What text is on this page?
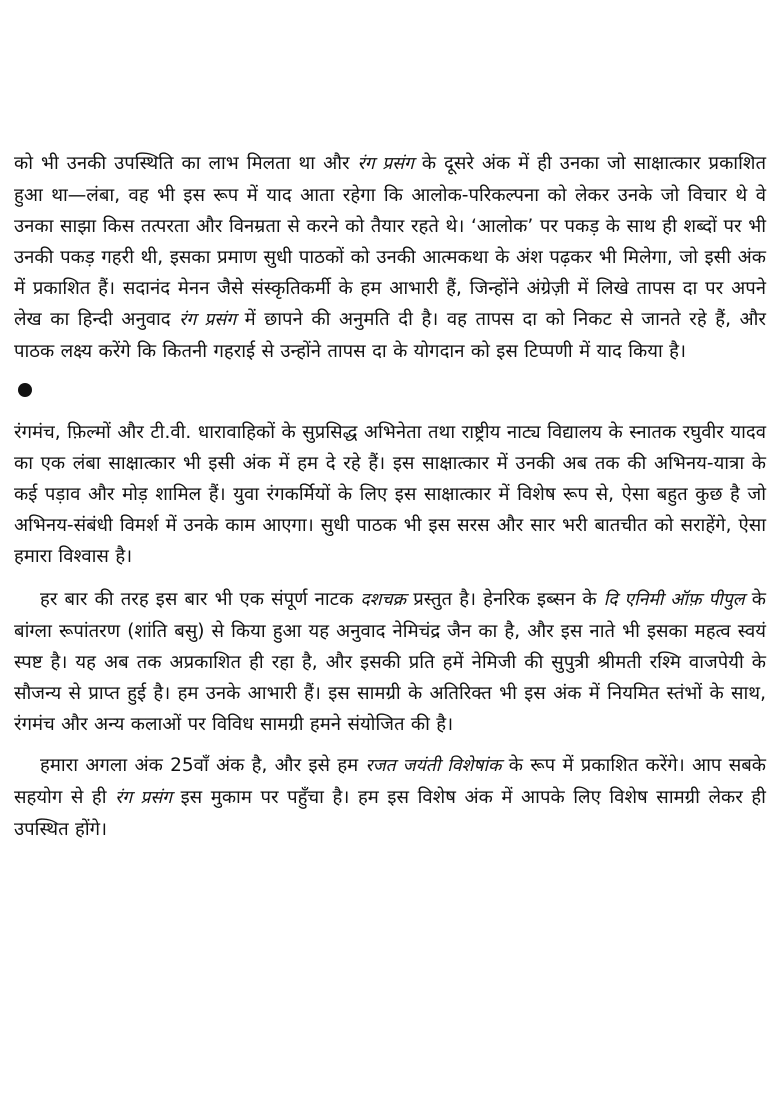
को भी उनकी उपस्थिति का लाभ मिलता था और रंग प्रसंग के दूसरे अंक में ही उनका जो साक्षात्कार प्रकाशित हुआ था—लंबा, वह भी इस रूप में याद आता रहेगा कि आलोक-परिकल्पना को लेकर उनके जो विचार थे वे उनका साझा किस तत्परता और विनम्रता से करने को तैयार रहते थे। ‘आलोक’ पर पकड़ के साथ ही शब्दों पर भी उनकी पकड़ गहरी थी, इसका प्रमाण सुधी पाठकों को उनकी आत्मकथा के अंश पढ़कर भी मिलेगा, जो इसी अंक में प्रकाशित हैं। सदानंद मेनन जैसे संस्कृतिकर्मी के हम आभारी हैं, जिन्होंने अंग्रेज़ी में लिखे तापस दा पर अपने लेख का हिन्दी अनुवाद रंग प्रसंग में छापने की अनुमति दी है। वह तापस दा को निकट से जानते रहे हैं, और पाठक लक्ष्य करेंगे कि कितनी गहराई से उन्होंने तापस दा के योगदान को इस टिप्पणी में याद किया है।

रंगमंच, फ़िल्मों और टी.वी. धारावाहिकों के सुप्रसिद्ध अभिनेता तथा राष्ट्रीय नाट्य विद्यालय के स्नातक रघुवीर यादव का एक लंबा साक्षात्कार भी इसी अंक में हम दे रहे हैं। इस साक्षात्कार में उनकी अब तक की अभिनय-यात्रा के कई पड़ाव और मोड़ शामिल हैं। युवा रंगकर्मियों के लिए इस साक्षात्कार में विशेष रूप से, ऐसा बहुत कुछ है जो अभिनय-संबंधी विमर्श में उनके काम आएगा। सुधी पाठक भी इस सरस और सार भरी बातचीत को सराहेंगे, ऐसा हमारा विश्वास है।

हर बार की तरह इस बार भी एक संपूर्ण नाटक दशचक्र प्रस्तुत है। हेनरिक इब्सन के दि एनिमी ऑफ़ पीपुल के बांग्ला रूपांतरण (शांति बसु) से किया हुआ यह अनुवाद नेमिचंद्र जैन का है, और इस नाते भी इसका महत्व स्वयं स्पष्ट है। यह अब तक अप्रकाशित ही रहा है, और इसकी प्रति हमें नेमिजी की सुपुत्री श्रीमती रश्मि वाजपेयी के सौजन्य से प्राप्त हुई है। हम उनके आभारी हैं। इस सामग्री के अतिरिक्त भी इस अंक में नियमित स्तंभों के साथ, रंगमंच और अन्य कलाओं पर विविध सामग्री हमने संयोजित की है।

हमारा अगला अंक 25वाँ अंक है, और इसे हम रजत जयंती विशेषांक के रूप में प्रकाशित करेंगे। आप सबके सहयोग से ही रंग प्रसंग इस मुकाम पर पहुँचा है। हम इस विशेष अंक में आपके लिए विशेष सामग्री लेकर ही उपस्थित होंगे।
